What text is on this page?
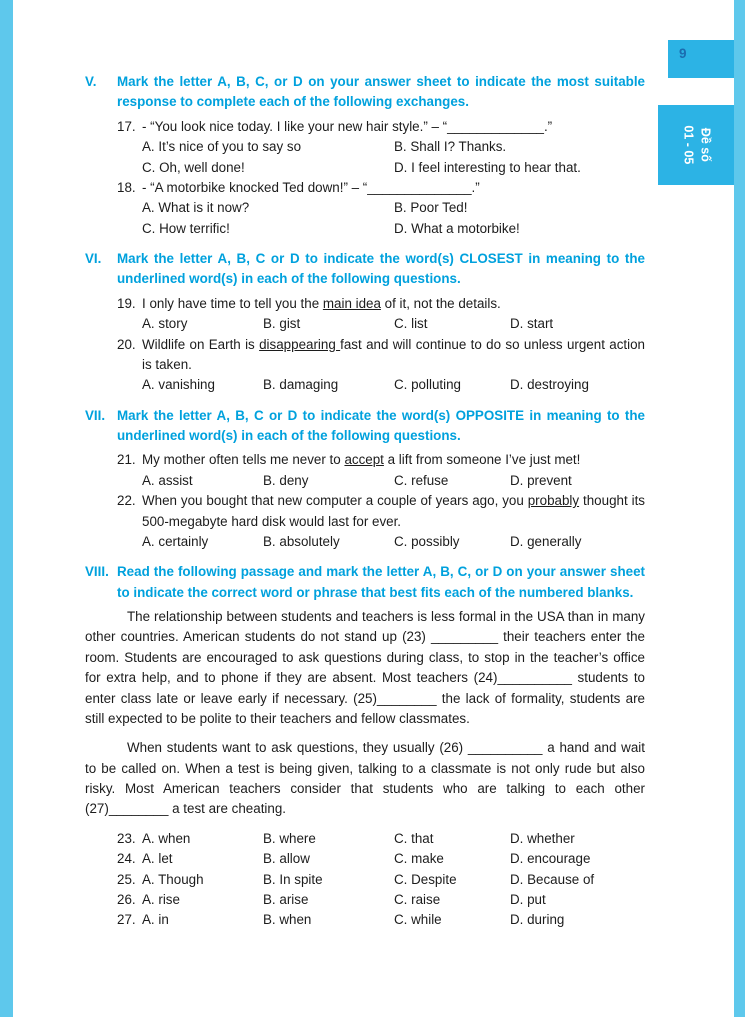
9
Đề số
01 - 05
V.	Mark the letter A, B, C, or D on your answer sheet to indicate the most suitable response to complete each of the following exchanges.
17. - “You look nice today. I like your new hair style.” – “_____________.”
A. It’s nice of you to say so	B. Shall I? Thanks.
C. Oh, well done!	D. I feel interesting to hear that.
18. - “A motorbike knocked Ted down!” – “______________.”
A. What is it now?	B. Poor Ted!
C. How terrific!	D. What a motorbike!
VI.	Mark the letter A, B, C or D to indicate the word(s) CLOSEST in meaning to the underlined word(s) in each of the following questions.
19. I only have time to tell you the main idea of it, not the details.
A. story	B. gist	C. list	D. start
20. Wildlife on Earth is disappearing fast and will continue to do so unless urgent action is taken.
A. vanishing	B. damaging	C. polluting	D. destroying
VII. Mark the letter A, B, C or D to indicate the word(s) OPPOSITE in meaning to the underlined word(s) in each of the following questions.
21. My mother often tells me never to accept a lift from someone I’ve just met!
A. assist	B. deny	C. refuse	D. prevent
22. When you bought that new computer a couple of years ago, you probably thought its 500-megabyte hard disk would last for ever.
A. certainly	B. absolutely	C. possibly	D. generally
VIII. Read the following passage and mark the letter A, B, C, or D on your answer sheet to indicate the correct word or phrase that best fits each of the numbered blanks.

The relationship between students and teachers is less formal in the USA than in many other countries. American students do not stand up (23) _________ their teachers enter the room. Students are encouraged to ask questions during class, to stop in the teacher’s office for extra help, and to phone if they are absent. Most teachers (24)__________ students to enter class late or leave early if necessary. (25)________ the lack of formality, students are still expected to be polite to their teachers and fellow classmates.

When students want to ask questions, they usually (26) __________ a hand and wait to be called on. When a test is being given, talking to a classmate is not only rude but also risky. Most American teachers consider that students who are talking to each other (27)________ a test are cheating.

23. A. when	B. where	C. that	D. whether
24. A. let	B. allow	C. make	D. encourage
25. A. Though	B. In spite	C. Despite	D. Because of
26. A. rise	B. arise	C. raise	D. put
27. A. in	B. when	C. while	D. during
